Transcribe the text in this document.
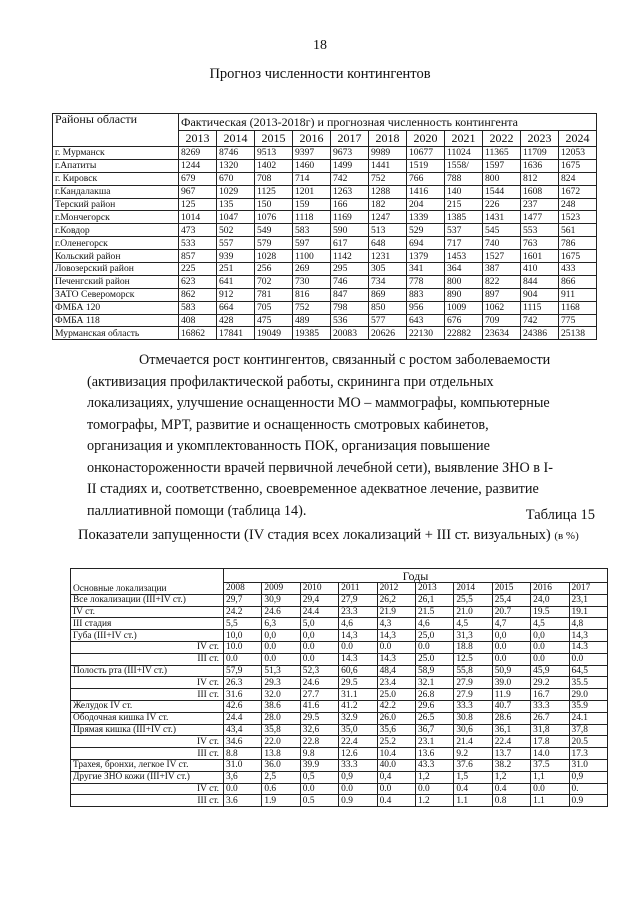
18
Прогноз численности контингентов
Районы области	Фактическая (2013-2018г) и прогнозная численность контингента										
	2013	2014	2015	2016	2017	2018	2020	2021	2022	2023	2024
г. Мурманск	8269	8746	9513	9397	9673	9989	10677	11024	11365	11709	12053
г.Апатиты	1244	1320	1402	1460	1499	1441	1519	1558/	1597	1636	1675
г. Кировск	679	670	708	714	742	752	766	788	800	812	824
г.Кандалакша	967	1029	1125	1201	1263	1288	1416	140	1544	1608	1672
Терский район	125	135	150	159	166	182	204	215	226	237	248
г.Мончегорск	1014	1047	1076	1118	1169	1247	1339	1385	1431	1477	1523
г.Ковдор	473	502	549	583	590	513	529	537	545	553	561
г.Оленегорск	533	557	579	597	617	648	694	717	740	763	786
Кольский район	857	939	1028	1100	1142	1231	1379	1453	1527	1601	1675
Ловозерский район	225	251	256	269	295	305	341	364	387	410	433
Печенгский район	623	641	702	730	746	734	778	800	822	844	866
ЗАТО Североморск	862	912	781	816	847	869	883	890	897	904	911
ФМБА 120	583	664	705	752	798	850	956	1009	1062	1115	1168
ФМБА 118	408	428	475	489	536	577	643	676	709	742	775
Мурманская область	16862	17841	19049	19385	20083	20626	22130	22882	23634	24386	25138
Отмечается рост контингентов, связанный с ростом заболеваемости
(активизация профилактической работы, скрининга при отдельных
локализациях, улучшение оснащенности МО – маммографы, компьютерные
томографы, МРТ, развитие и оснащенность смотровых кабинетов,
организация и укомплектованность ПОК, организация повышение
онконастороженности врачей первичной лечебной сети), выявление ЗНО в I-
II стадиях и, соответственно, своевременное адекватное лечение, развитие
паллиативной помощи (таблица 14).	Таблица 15
Показатели запущенности (IV стадия всех локализаций + III ст. визуальных) (в %)
Основные локализации	Годы									
	2008	2009	2010	2011	2012	2013	2014	2015	2016	2017
Все локализации (III+IV ст.)	29,7	30,9	29,4	27,9	26,2	26,1	25,5	25,4	24,0	23,1
IV ст.	24.2	24.6	24.4	23.3	21.9	21.5	21.0	20.7	19.5	19.1
III стадия	5,5	6,3	5,0	4,6	4,3	4,6	4,5	4,7	4,5	4,8
Губа (III+IV ст.)	10,0	0,0	0,0	14,3	14,3	25,0	31,3	0,0	0,0	14,3
IV ст.	10.0	0.0	0.0	0.0	0.0	0.0	18.8	0.0	0.0	14.3
III ст.	0.0	0.0	0.0	14.3	14.3	25.0	12.5	0.0	0.0	0.0
Полость рта (III+IV ст.)	57,9	51,3	52,3	60,6	48,4	58,9	55,8	50,9	45,9	64,5
IV ст.	26.3	29.3	24.6	29.5	23.4	32.1	27.9	39.0	29.2	35.5
III ст.	31.6	32.0	27.7	31.1	25.0	26.8	27.9	11.9	16.7	29.0
Желудок IV ст.	42.6	38.6	41.6	41.2	42.2	29.6	33.3	40.7	33.3	35.9
Ободочная кишка IV ст.	24.4	28.0	29.5	32.9	26.0	26.5	30.8	28.6	26.7	24.1
Прямая кишка (III+IV ст.)	43,4	35,8	32,6	35,0	35,6	36,7	30,6	36,1	31,8	37,8
IV ст.	34.6	22.0	22.8	22.4	25.2	23.1	21.4	22.4	17.8	20.5
III ст.	8.8	13.8	9.8	12.6	10.4	13.6	9.2	13.7	14.0	17.3
Трахея, бронхи, легкое IV ст.	31.0	36.0	39.9	33.3	40.0	43.3	37.6	38.2	37.5	31.0
Другие ЗНО кожи (III+IV ст.)	3,6	2,5	0,5	0,9	0,4	1,2	1,5	1,2	1,1	0,9
IV ст.	0.0	0.6	0.0	0.0	0.0	0.0	0.4	0.4	0.0	0.
III ст.	3.6	1.9	0.5	0.9	0.4	1.2	1.1	0.8	1.1	0.9
